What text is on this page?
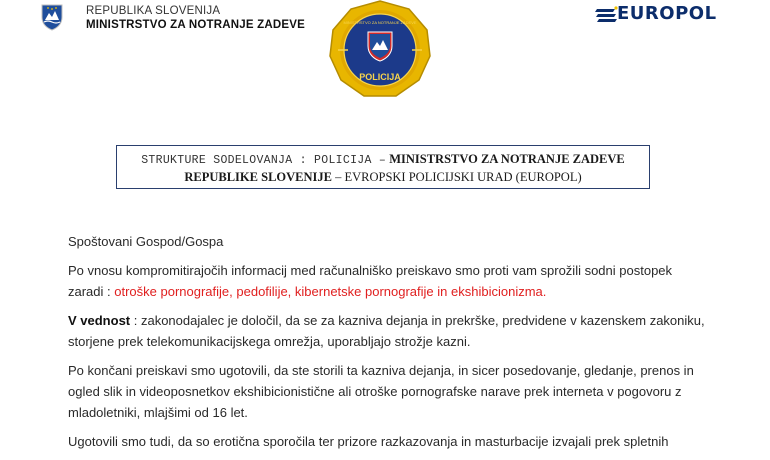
REPUBLIKA SLOVENIJA
MINISTRSTVO ZA NOTRANJE ZADEVE
POLICIJA
MINISTRSTVO ZA NOTRANJE ZADEVE	EUROPOL
STRUKTURE SODELOVANJA : POLICIJA – MINISTRSTVO ZA NOTRANJE ZADEVE
REPUBLIKE SLOVENIJE – EVROPSKI POLICIJSKI URAD (EUROPOL)

Spoštovani Gospod/Gospa

Po vnosu kompromitirajočih informacij med računalniško preiskavo smo proti vam sprožili sodni postopek zaradi : otroške pornografije, pedofilije, kibernetske pornografije in ekshibicionizma.

V vednost : zakonodajalec je določil, da se za kazniva dejanja in prekrške, predvidene v kazenskem zakoniku, storjene prek telekomunikacijskega omrežja, uporabljajo strožje kazni.

Po končani preiskavi smo ugotovili, da ste storili ta kazniva dejanja, in sicer posedovanje, gledanje, prenos in ogled slik in videoposnetkov ekshibicionistične ali otroške pornografske narave prek interneta v pogovoru z mladoletniki, mlajšimi od 16 let.

Ugotovili smo tudi, da so erotična sporočila ter prizore razkazovanja in masturbacije izvajali prek spletnih
